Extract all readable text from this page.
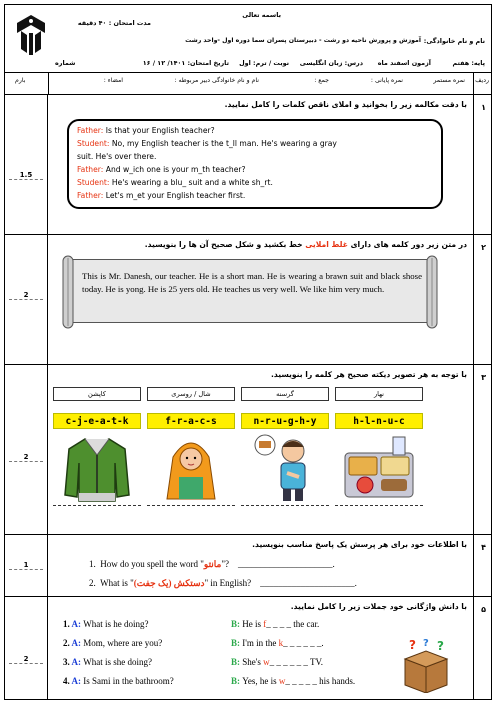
باسمه تعالی
مدت امتحان : ۴۰ دقیقه
آموزش و پرورش ناحیه دو رشت - دبیرستان پسران سما دوره اول -واحد رشت نام و نام خانوادگی:
پایه: هفتم
آزمون اسفند ماه
درس: زبان انگلیسی
نوبت / ترم: اول
تاریخ امتحان: ۱۴۰۱/ ۱۲ / ۱۶
شماره
ردیف
نمره مستمر
نمره پایانی :
جمع :
نام و نام خانوادگی دبیر مربوطه :
امضاء :
بارم
1.5
۱
با دقت مکالمه زیر را بخوانید و املای ناقص کلمات را کامل نمایید.
Father: Is that your English teacher?
Student: No, my English teacher is the t_ll man. He's wearing a gray
suit. He's over there.
Father: And w_ich one is your m_th teacher?
Student: He's wearing a blu_ suit and a white sh_rt.
Father: Let's m_et your English teacher first.
2
۲
در متن زیر دور کلمه های دارای غلط املایی خط بکشید و شکل صحیح آن ها را بنویسید.
This is Mr. Danesh, our teacher. He is a short man. He is wearing a brawn suit and black shose today. He is yong. He is 25 yers old. He teaches us very well. We like him very much.
2
۳
با توجه به هر تصویر دیکته صحیح هر کلمه را بنویسید.
نهار
h-l-n-u-c
گرسنه
n-r-u-g-h-y
شال / روسری
f-r-a-c-s
کاپشن
c-j-e-a-t-k
1
۴
با اطلاعات خود برای هر پرسش یک پاسخ مناسب بنویسید.
1. How do you spell the word "مانتو"? _____________________.
2. What is "(یک جفت) دستکش" in English? _____________________.
2
۵
با دانش واژگانی خود جملات زیر را کامل نمایید.
1. A: What is he doing?	B: He is f_ _ _ _ the car.
2. A: Mom, where are you?	B: I'm in the k_ _ _ _ _ _.
3. A: What is she doing?	B: She's w_ _ _ _ _ _ TV.
4. A: Is Sami in the bathroom?	B: Yes, he is w_ _ _ _ _ his hands.
? ? ?
